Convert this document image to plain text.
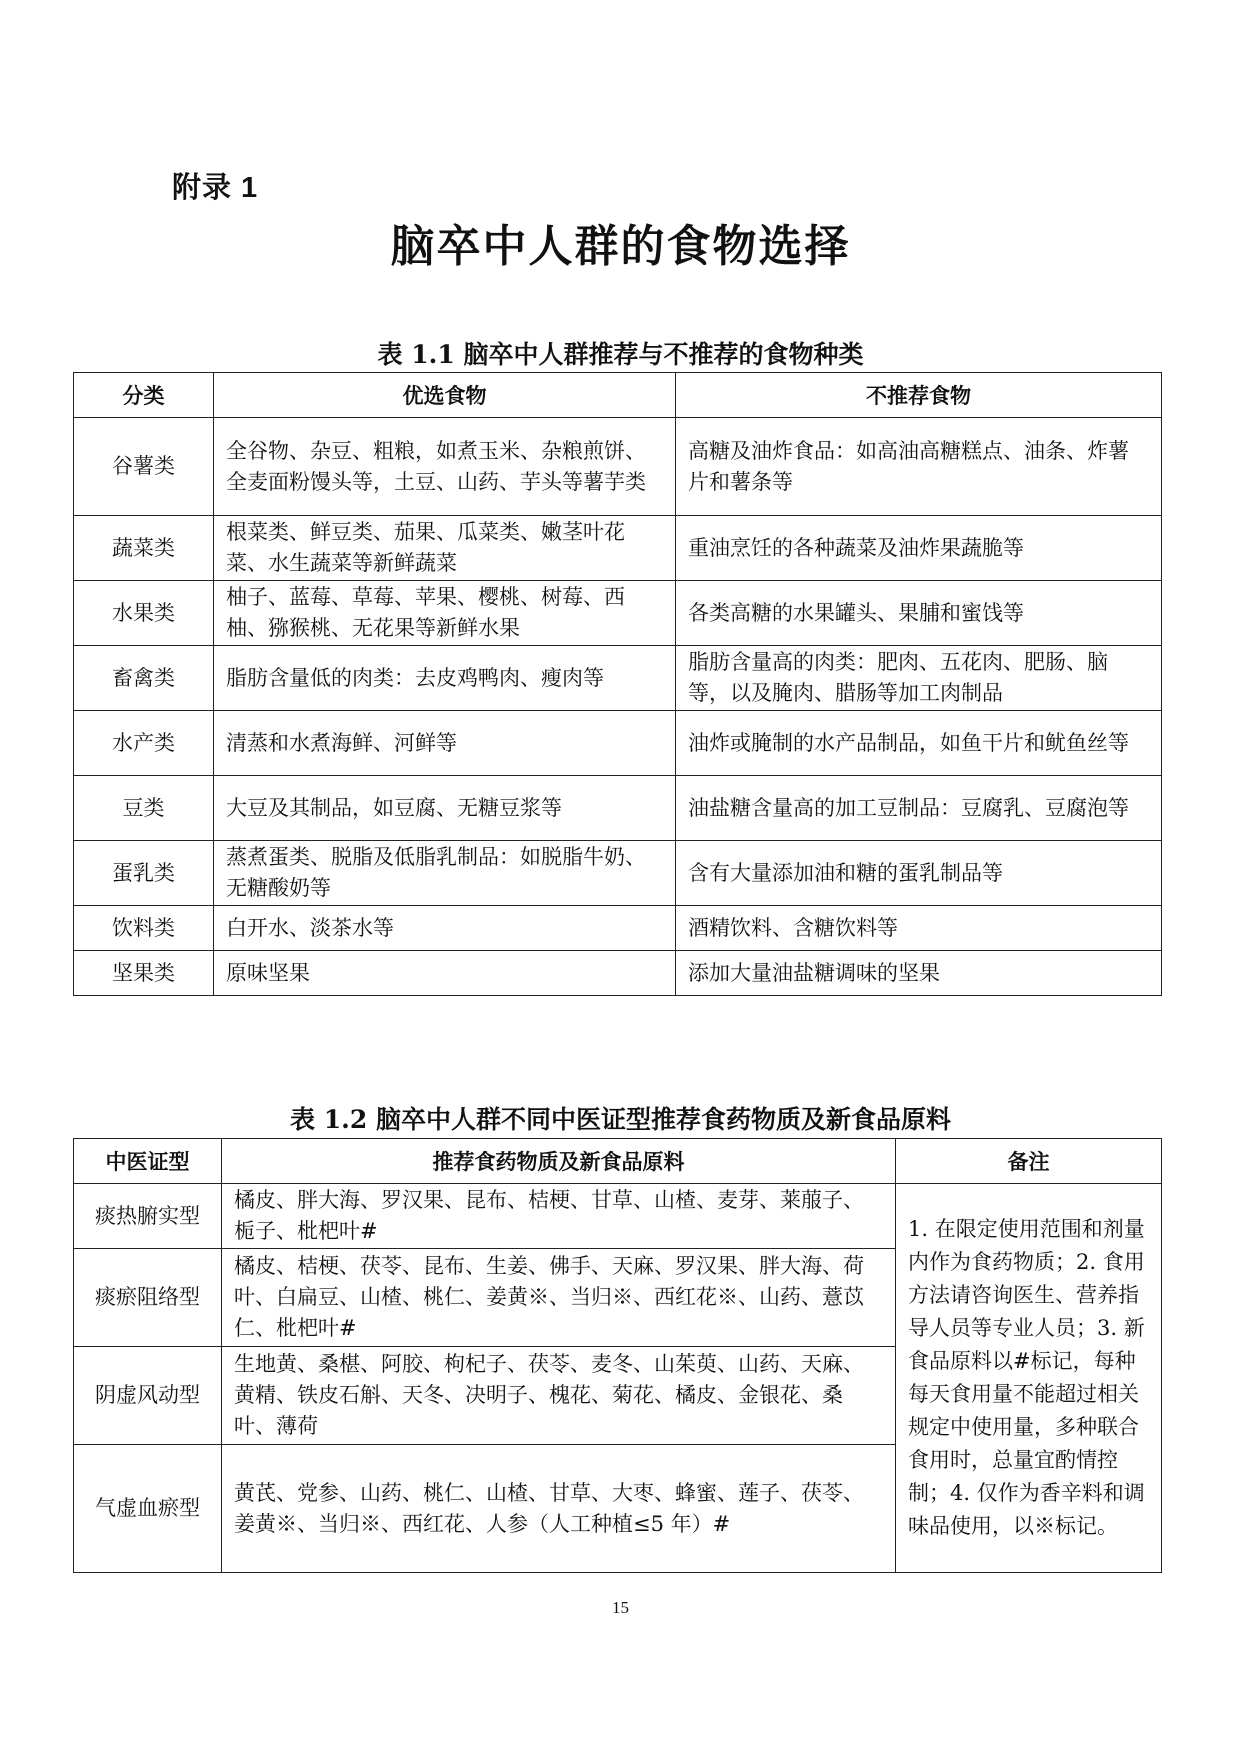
附录 1
脑卒中人群的食物选择
表 1.1 脑卒中人群推荐与不推荐的食物种类
分类	优选食物	不推荐食物
谷薯类	全谷物、杂豆、粗粮，如煮玉米、杂粮煎饼、全麦面粉馒头等，土豆、山药、芋头等薯芋类	高糖及油炸食品：如高油高糖糕点、油条、炸薯片和薯条等
蔬菜类	根菜类、鲜豆类、茄果、瓜菜类、嫩茎叶花菜、水生蔬菜等新鲜蔬菜	重油烹饪的各种蔬菜及油炸果蔬脆等
水果类	柚子、蓝莓、草莓、苹果、樱桃、树莓、西柚、猕猴桃、无花果等新鲜水果	各类高糖的水果罐头、果脯和蜜饯等
畜禽类	脂肪含量低的肉类：去皮鸡鸭肉、瘦肉等	脂肪含量高的肉类：肥肉、五花肉、肥肠、脑等，以及腌肉、腊肠等加工肉制品
水产类	清蒸和水煮海鲜、河鲜等	油炸或腌制的水产品制品，如鱼干片和鱿鱼丝等
豆类	大豆及其制品，如豆腐、无糖豆浆等	油盐糖含量高的加工豆制品：豆腐乳、豆腐泡等
蛋乳类	蒸煮蛋类、脱脂及低脂乳制品：如脱脂牛奶、无糖酸奶等	含有大量添加油和糖的蛋乳制品等
饮料类	白开水、淡茶水等	酒精饮料、含糖饮料等
坚果类	原味坚果	添加大量油盐糖调味的坚果
表 1.2 脑卒中人群不同中医证型推荐食药物质及新食品原料
中医证型	推荐食药物质及新食品原料	备注
痰热腑实型	橘皮、胖大海、罗汉果、昆布、桔梗、甘草、山楂、麦芽、莱菔子、栀子、枇杷叶#	1. 在限定使用范围和剂量内作为食药物质；2. 食用方法请咨询医生、营养指导人员等专业人员；3. 新食品原料以#标记，每种每天食用量不能超过相关规定中使用量，多种联合食用时，总量宜酌情控制；4. 仅作为香辛料和调味品使用，以※标记。
痰瘀阻络型	橘皮、桔梗、茯苓、昆布、生姜、佛手、天麻、罗汉果、胖大海、荷叶、白扁豆、山楂、桃仁、姜黄※、当归※、西红花※、山药、薏苡仁、枇杷叶#	
阴虚风动型	生地黄、桑椹、阿胶、枸杞子、茯苓、麦冬、山茱萸、山药、天麻、黄精、铁皮石斛、天冬、决明子、槐花、菊花、橘皮、金银花、桑叶、薄荷	
气虚血瘀型	黄芪、党参、山药、桃仁、山楂、甘草、大枣、蜂蜜、莲子、茯苓、姜黄※、当归※、西红花、人参（人工种植≤5 年）#	
15
